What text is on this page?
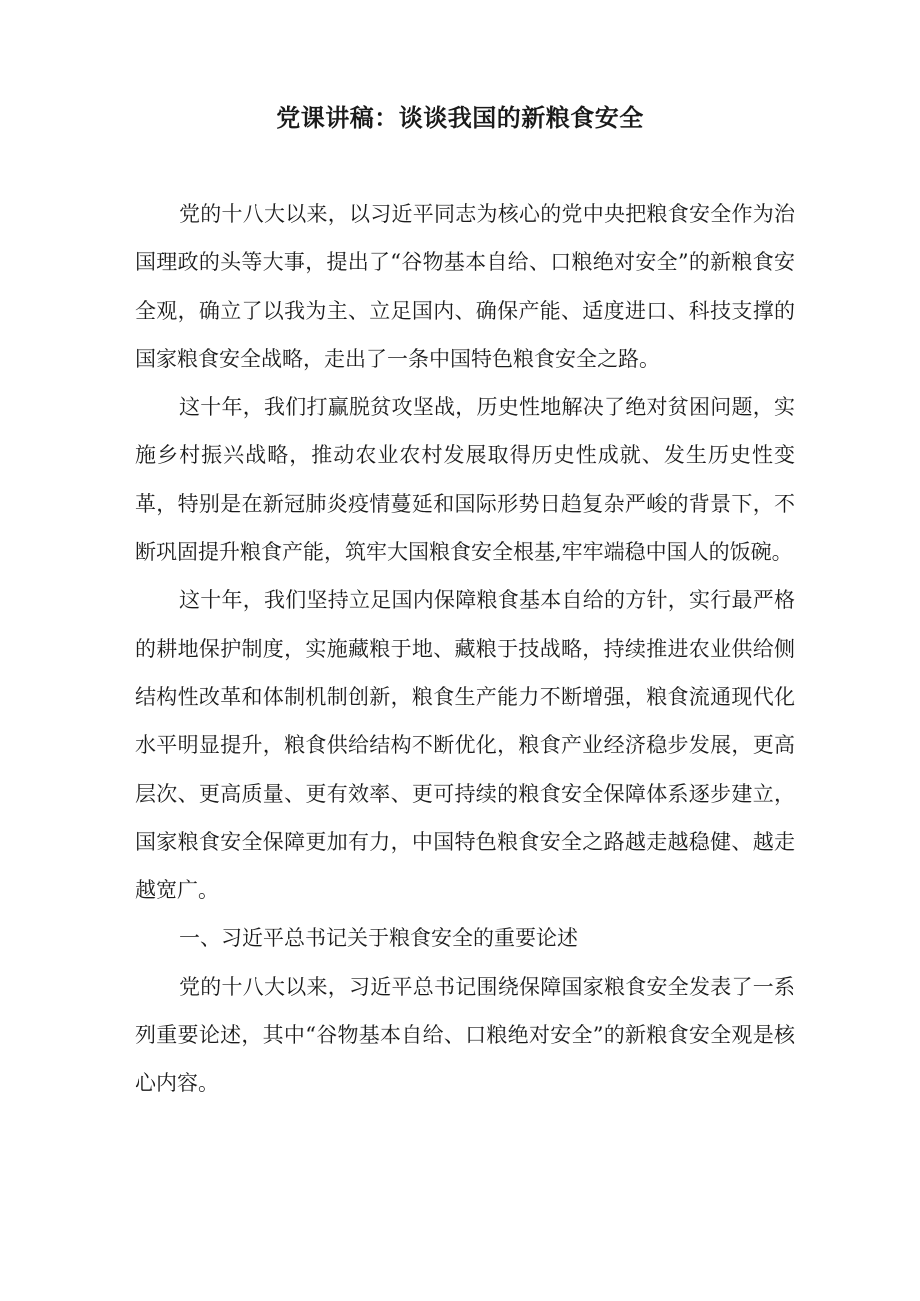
党课讲稿：谈谈我国的新粮食安全

党的十八大以来，以习近平同志为核心的党中央把粮食安全作为治国理政的头等大事，提出了“谷物基本自给、口粮绝对安全”的新粮食安全观，确立了以我为主、立足国内、确保产能、适度进口、科技支撑的国家粮食安全战略，走出了一条中国特色粮食安全之路。

这十年，我们打赢脱贫攻坚战，历史性地解决了绝对贫困问题，实施乡村振兴战略，推动农业农村发展取得历史性成就、发生历史性变革，特别是在新冠肺炎疫情蔓延和国际形势日趋复杂严峻的背景下，不断巩固提升粮食产能，筑牢大国粮食安全根基,牢牢端稳中国人的饭碗。

这十年，我们坚持立足国内保障粮食基本自给的方针，实行最严格的耕地保护制度，实施藏粮于地、藏粮于技战略，持续推进农业供给侧结构性改革和体制机制创新，粮食生产能力不断增强，粮食流通现代化水平明显提升，粮食供给结构不断优化，粮食产业经济稳步发展，更高层次、更高质量、更有效率、更可持续的粮食安全保障体系逐步建立，国家粮食安全保障更加有力，中国特色粮食安全之路越走越稳健、越走越宽广。

一、习近平总书记关于粮食安全的重要论述

党的十八大以来，习近平总书记围绕保障国家粮食安全发表了一系列重要论述，其中“谷物基本自给、口粮绝对安全”的新粮食安全观是核心内容。
